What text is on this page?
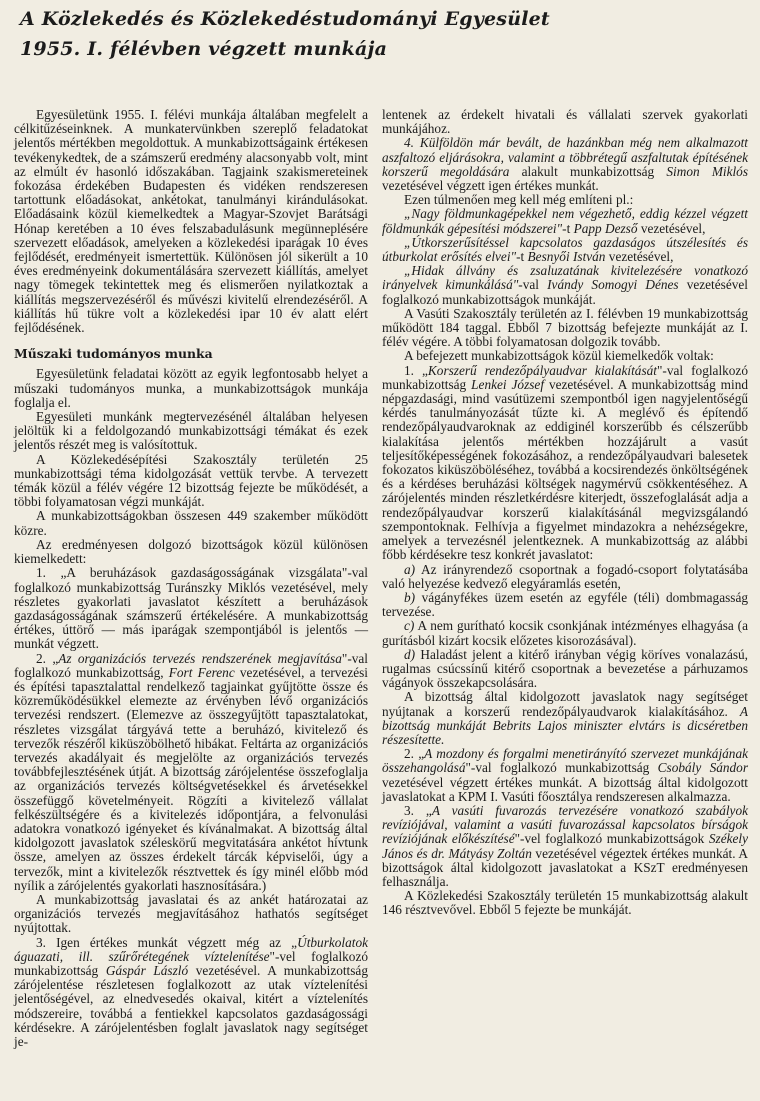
A Közlekedés és Közlekedéstudományi Egyesület
1955. I. félévben végzett munkája

Egyesületünk 1955. I. félévi munkája általában megfelelt a célkitűzéseinknek. A munkatervünkben szereplő feladatokat jelentős mértékben megoldottuk. A munkabizottságaink értékesen tevékenykedtek, de a számszerű eredmény alacsonyabb volt, mint az elmúlt év hasonló időszakában. Tagjaink szakismereteinek fokozása érdekében Budapesten és vidéken rendszeresen tartottunk előadásokat, ankétokat, tanulmányi kirándulásokat. Előadásaink közül kiemelkedtek a Magyar-Szovjet Barátsági Hónap keretében a 10 éves felszabadulásunk megünneplésére szervezett előadások, amelyeken a közlekedési iparágak 10 éves fejlődését, eredményeit ismertettük. Különösen jól sikerült a 10 éves eredményeink dokumentálására szervezett kiállítás, amelyet nagy tömegek tekintettek meg és elismerően nyilatkoztak a kiállítás megszervezéséről és művészi kivitelű elrendezéséről. A kiállítás hű tükre volt a közlekedési ipar 10 év alatt elért fejlődésének.

Műszaki tudományos munka

Egyesületünk feladatai között az egyik legfontosabb helyet a műszaki tudományos munka, a munkabizottságok munkája foglalja el.

Egyesületi munkánk megtervezésénél általában helyesen jelöltük ki a feldolgozandó munkabizottsági témákat és ezek jelentős részét meg is valósítottuk.

A Közlekedésépítési Szakosztály területén 25 munkabizottsági téma kidolgozását vettük tervbe. A tervezett témák közül a félév végére 12 bizottság fejezte be működését, a többi folyamatosan végzi munkáját.

A munkabizottságokban összesen 449 szakember működött közre.

Az eredményesen dolgozó bizottságok közül különösen kiemelkedett:

1. „A beruházások gazdaságosságának vizsgálata"-val foglalkozó munkabizottság Turánszky Miklós vezetésével, mely részletes gyakorlati javaslatot készített a beruházások gazdaságosságának számszerű értékelésére. A munkabizottság értékes, úttörő — más iparágak szempontjából is jelentős — munkát végzett.

2. „Az organizációs tervezés rendszerének megjavítása"-val foglalkozó munkabizottság, Fort Ferenc vezetésével, a tervezési és építési tapasztalattal rendelkező tagjainkat gyűjtötte össze és közreműködésükkel elemezte az érvényben lévő organizációs tervezési rendszert. (Elemezve az összegyűjtött tapasztalatokat, részletes vizsgálat tárgyává tette a beruházó, kivitelező és tervezők részéről kiküszöbölhető hibákat. Feltárta az organizációs tervezés akadályait és megjelölte az organizációs tervezés továbbfejlesztésének útját. A bizottság zárójelentése összefoglalja az organizációs tervezés költségvetésekkel és árvetésekkel összefüggő követelményeit. Rögzíti a kivitelező vállalat felkészültségére és a kivitelezés időpontjára, a felvonulási adatokra vonatkozó igényeket és kívánalmakat. A bizottság által kidolgozott javaslatok széleskörű megvitatására ankétot hívtunk össze, amelyen az összes érdekelt tárcák képviselői, úgy a tervezők, mint a kivitelezők résztvettek és így minél előbb mód nyílik a zárójelentés gyakorlati hasznosítására.)

A munkabizottság javaslatai és az ankét határozatai az organizációs tervezés megjavításához hathatós segítséget nyújtottak.

3. Igen értékes munkát végzett még az „Útburkolatok águazati, ill. szűrőrétegének víztelenítése"-vel foglalkozó munkabizottság Gáspár László vezetésével. A munkabizottság zárójelentése részletesen foglalkozott az utak víztelenítési jelentőségével, az elnedvesedés okaival, kitért a víztelenítés módszereire, továbbá a fentiekkel kapcsolatos gazdaságossági kérdésekre. A zárójelentésben foglalt javaslatok nagy segítséget je-

lentenek az érdekelt hivatali és vállalati szervek gyakorlati munkájához.

4. Külföldön már bevált, de hazánkban még nem alkalmazott aszfaltozó eljárásokra, valamint a többrétegű aszfaltutak építésének korszerű megoldására alakult munkabizottság Simon Miklós vezetésével végzett igen értékes munkát.

Ezen túlmenően meg kell még említeni pl.:

„Nagy földmunkagépekkel nem végezhető, eddig kézzel végzett földmunkák gépesítési módszerei"-t Papp Dezső vezetésével,

„Útkorszerűsítéssel kapcsolatos gazdaságos útszélesítés és útburkolat erősítés elvei"-t Besnyői István vezetésével,

„Hidak állvány és zsaluzatának kivitelezésére vonatkozó irányelvek kimunkálásá"-val Ivándy Somogyi Dénes vezetésével foglalkozó munkabizottságok munkáját.

A Vasúti Szakosztály területén az I. félévben 19 munkabizottság működött 184 taggal. Ebből 7 bizottság befejezte munkáját az I. félév végére. A többi folyamatosan dolgozik tovább.

A befejezett munkabizottságok közül kiemelkedők voltak:

1. „Korszerű rendezőpályaudvar kialakítását"-val foglalkozó munkabizottság Lenkei József vezetésével. A munkabizottság mind népgazdasági, mind vasútüzemi szempontból igen nagyjelentőségű kérdés tanulmányozását tűzte ki. A meglévő és építendő rendezőpályaudvaroknak az eddiginél korszerűbb és célszerűbb kialakítása jelentős mértékben hozzájárult a vasút teljesítőképességének fokozásához, a rendezőpályaudvari balesetek fokozatos kiküszöböléséhez, továbbá a kocsirendezés önköltségének és a kérdéses beruházási költségek nagymérvű csökkentéséhez. A zárójelentés minden részletkérdésre kiterjedt, összefoglalását adja a rendezőpályaudvar korszerű kialakításánál megvizsgálandó szempontoknak. Felhívja a figyelmet mindazokra a nehézségekre, amelyek a tervezésnél jelentkeznek. A munkabizottság az alábbi főbb kérdésekre tesz konkrét javaslatot:

a) Az irányrendező csoportnak a fogadó-csoport folytatásába való helyezése kedvező elegyáramlás esetén,

b) vágányfékes üzem esetén az egyféle (téli) dombmagasság tervezése.

c) A nem gurítható kocsik csonkjának intézményes elhagyása (a gurításból kizárt kocsik előzetes kisorozásával).

d) Haladást jelent a kitérő irányban végig köríves vonalazású, rugalmas csúcssínű kitérő csoportnak a bevezetése a párhuzamos vágányok összekapcsolására.

A bizottság által kidolgozott javaslatok nagy segítséget nyújtanak a korszerű rendezőpályaudvarok kialakításához. A bizottság munkáját Bebrits Lajos miniszter elvtárs is dicséretben részesítette.

2. „A mozdony és forgalmi menetirányító szervezet munkájának összehangolásá"-val foglalkozó munkabizottság Csobály Sándor vezetésével végzett értékes munkát. A bizottság által kidolgozott javaslatokat a KPM I. Vasúti főosztálya rendszeresen alkalmazza.

3. „A vasúti fuvarozás tervezésére vonatkozó szabályok revíziójával, valamint a vasúti fuvarozással kapcsolatos bírságok revíziójának előkészítésé"-vel foglalkozó munkabizottságok Székely János és dr. Mátyásy Zoltán vezetésével végeztek értékes munkát. A bizottságok által kidolgozott javaslatokat a KSzT eredményesen felhasználja.

A Közlekedési Szakosztály területén 15 munkabizottság alakult 146 résztvevővel. Ebből 5 fejezte be munkáját.
